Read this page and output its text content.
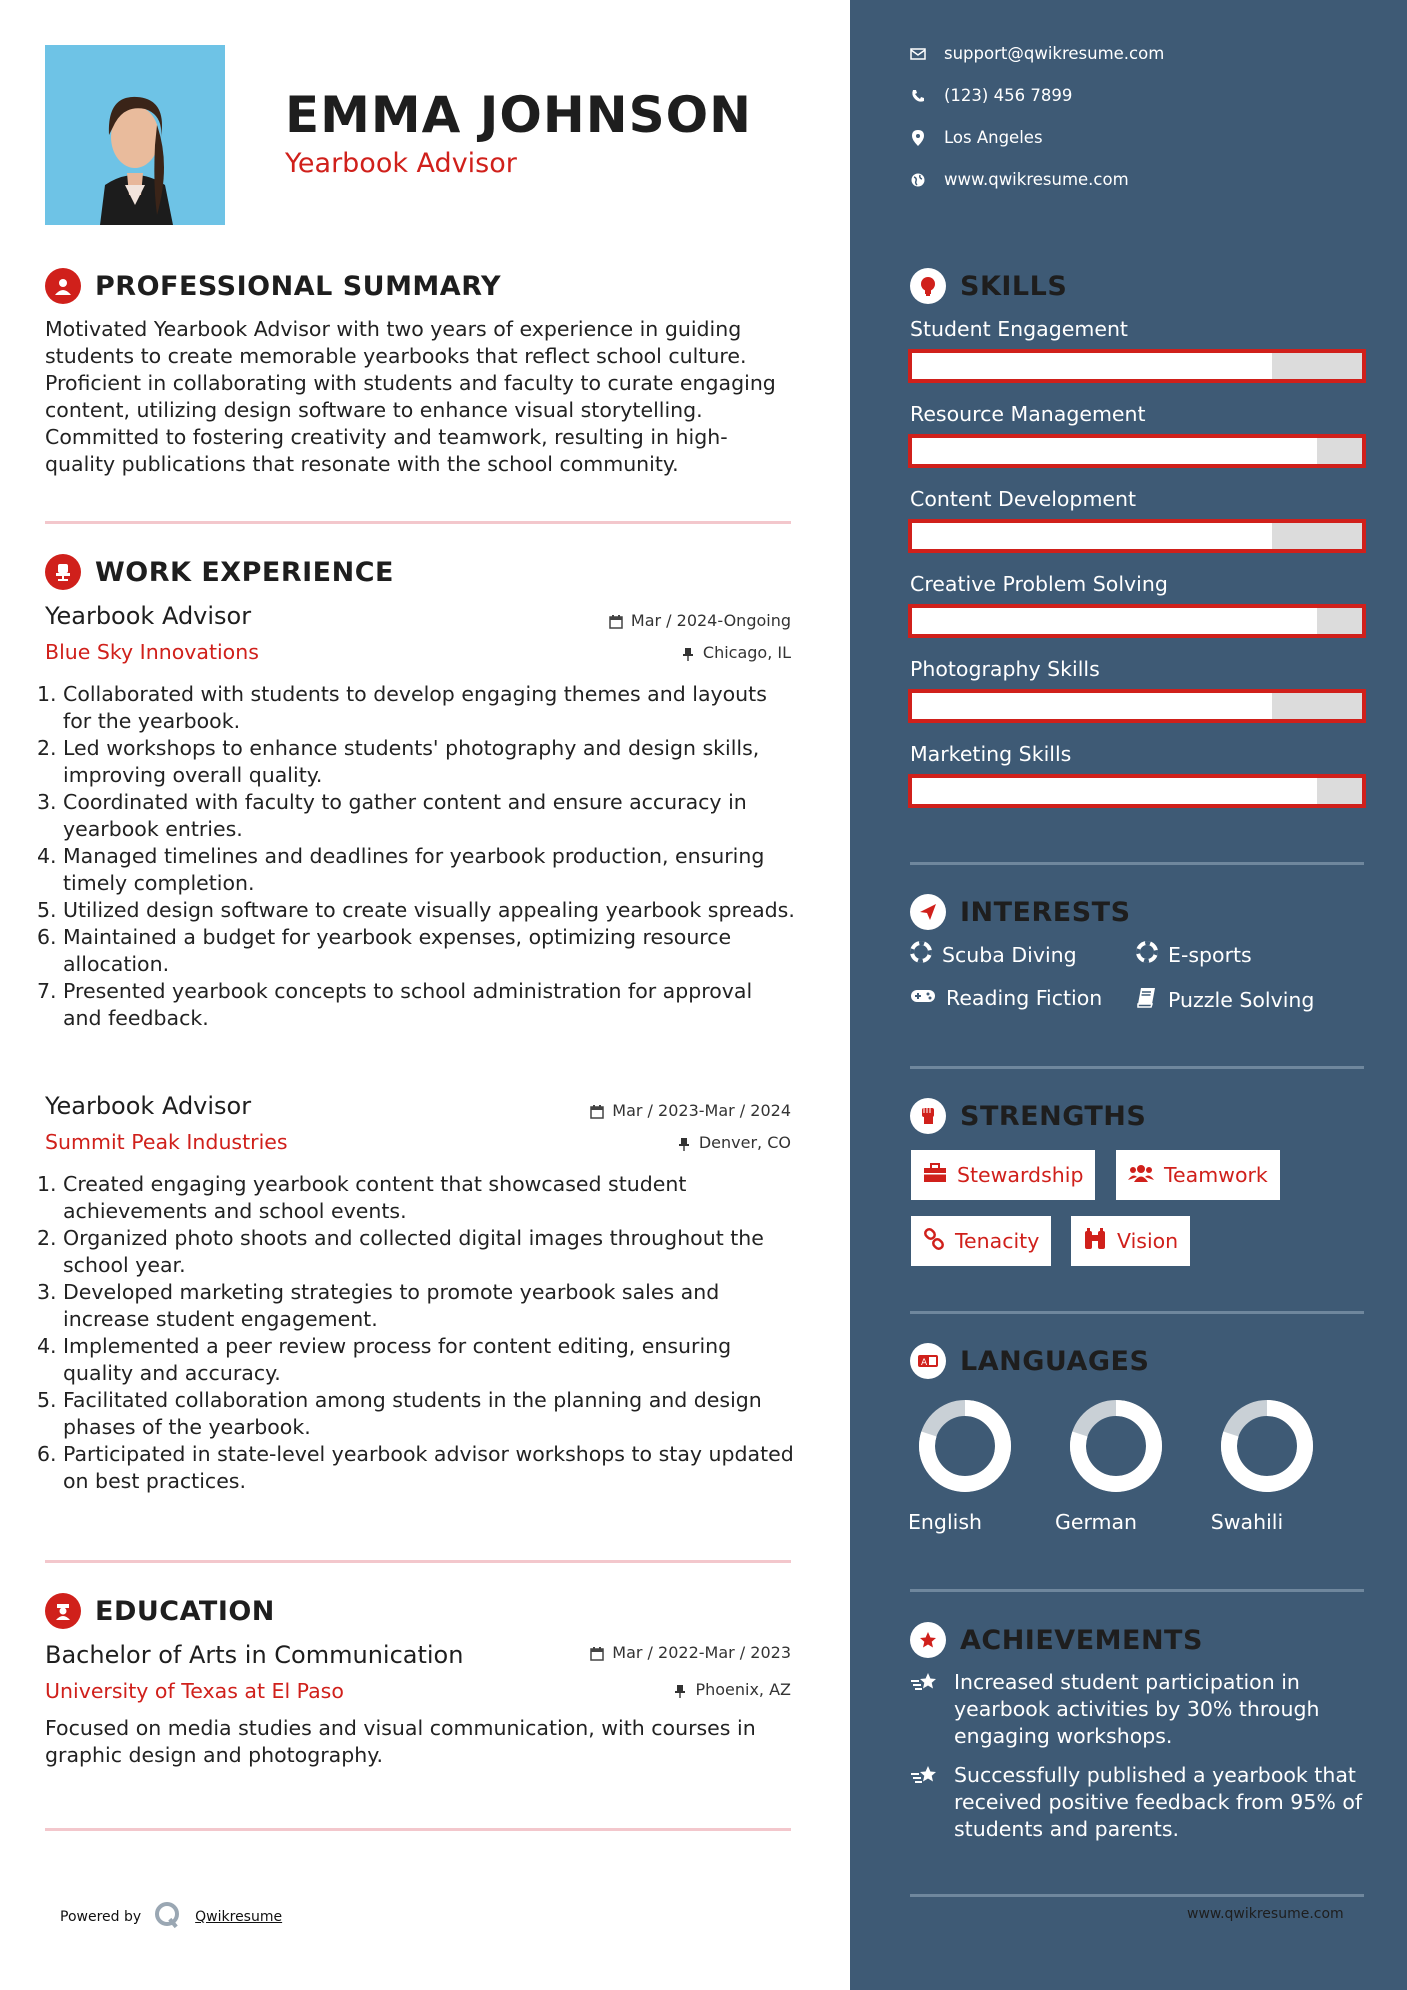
EMMA JOHNSON
Yearbook Advisor
PROFESSIONAL SUMMARY
Motivated Yearbook Advisor with two years of experience in guiding students to create memorable yearbooks that reflect school culture. Proficient in collaborating with students and faculty to curate engaging content, utilizing design software to enhance visual storytelling. Committed to fostering creativity and teamwork, resulting in high-quality publications that resonate with the school community.
WORK EXPERIENCE
Yearbook Advisor	Mar / 2024-Ongoing
Blue Sky Innovations	Chicago, IL
1. Collaborated with students to develop engaging themes and layouts for the yearbook.
2. Led workshops to enhance students' photography and design skills, improving overall quality.
3. Coordinated with faculty to gather content and ensure accuracy in yearbook entries.
4. Managed timelines and deadlines for yearbook production, ensuring timely completion.
5. Utilized design software to create visually appealing yearbook spreads.
6. Maintained a budget for yearbook expenses, optimizing resource allocation.
7. Presented yearbook concepts to school administration for approval and feedback.
Yearbook Advisor	Mar / 2023-Mar / 2024
Summit Peak Industries	Denver, CO
1. Created engaging yearbook content that showcased student achievements and school events.
2. Organized photo shoots and collected digital images throughout the school year.
3. Developed marketing strategies to promote yearbook sales and increase student engagement.
4. Implemented a peer review process for content editing, ensuring quality and accuracy.
5. Facilitated collaboration among students in the planning and design phases of the yearbook.
6. Participated in state-level yearbook advisor workshops to stay updated on best practices.
EDUCATION
Bachelor of Arts in Communication	Mar / 2022-Mar / 2023
University of Texas at El Paso	Phoenix, AZ
Focused on media studies and visual communication, with courses in graphic design and photography.
Powered by	Qwikresume
support@qwikresume.com
(123) 456 7899
Los Angeles
www.qwikresume.com
SKILLS
Student Engagement
Resource Management
Content Development
Creative Problem Solving
Photography Skills
Marketing Skills
INTERESTS
Scuba Diving	E-sports
Reading Fiction	Puzzle Solving
STRENGTHS
Stewardship	Teamwork
Tenacity	Vision
A LANGUAGES
English	German	Swahili
ACHIEVEMENTS
Increased student participation in yearbook activities by 30% through engaging workshops.
Successfully published a yearbook that received positive feedback from 95% of students and parents.
www.qwikresume.com
